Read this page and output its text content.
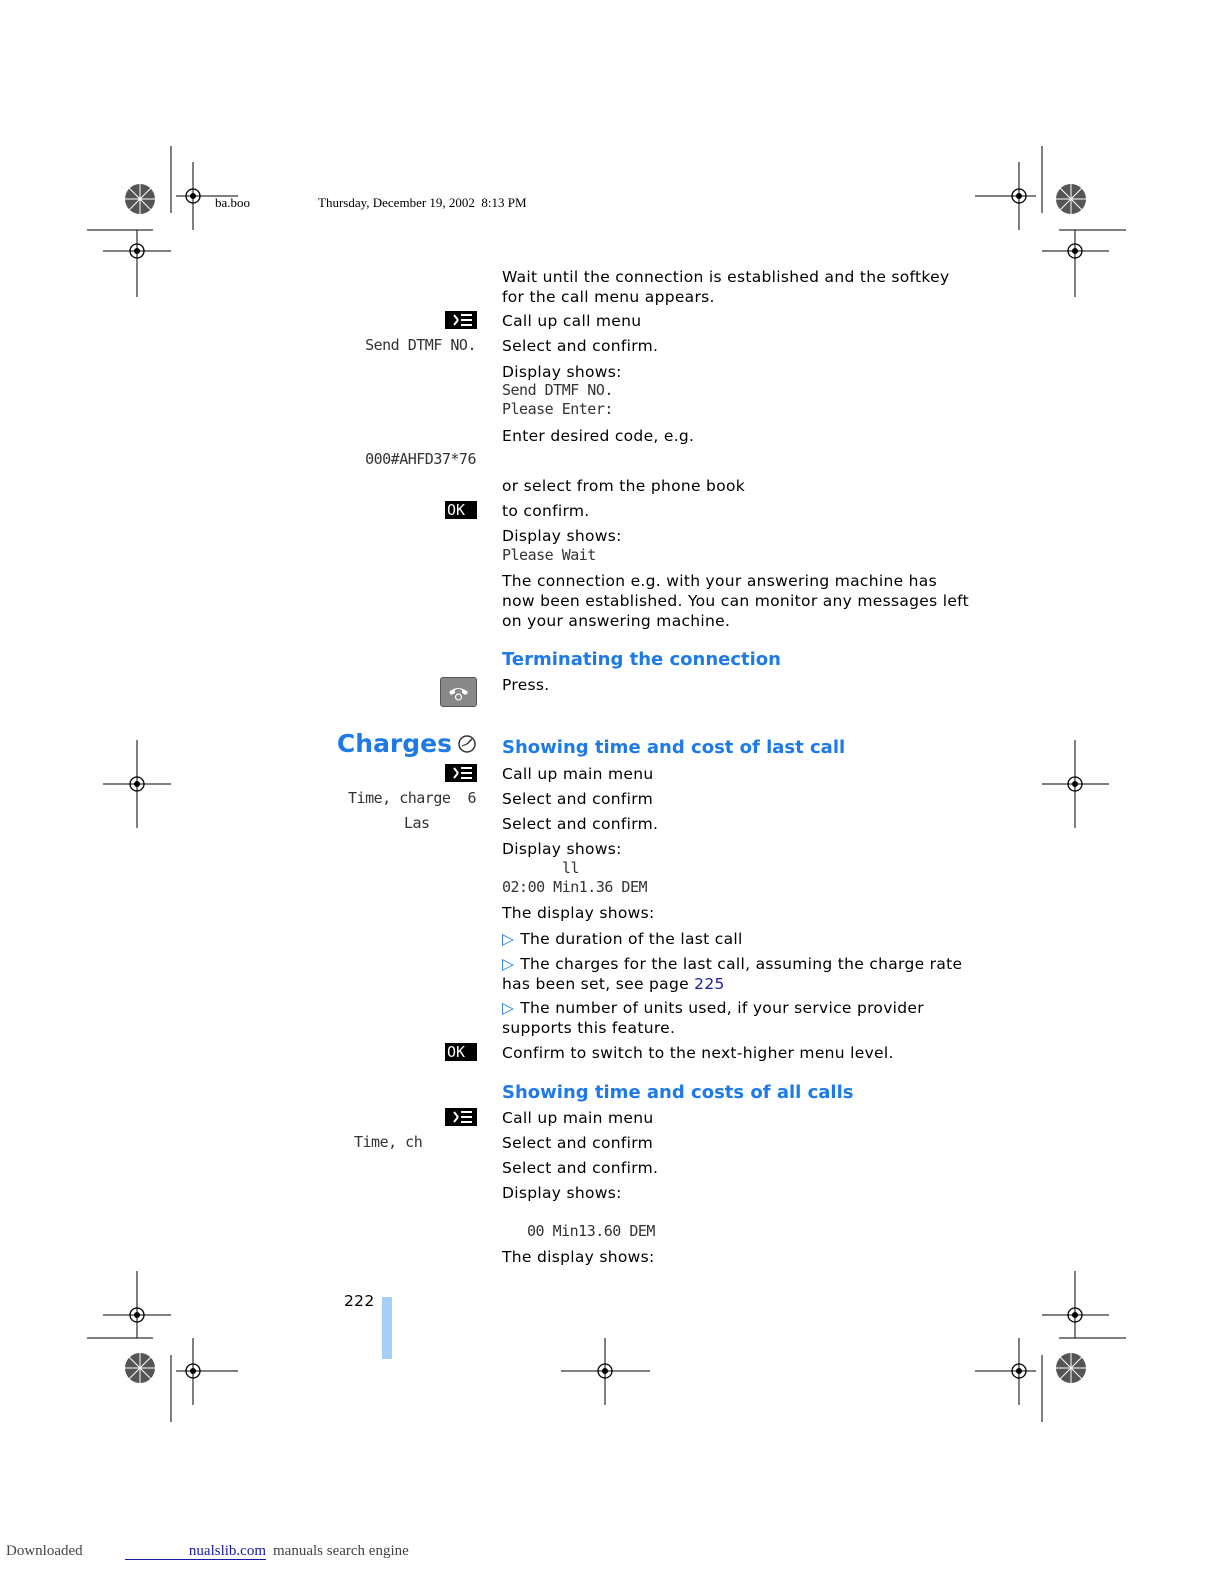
ba.boo	Thursday, December 19, 2002  8:13 PM
Wait until the connection is established and the softkey for the call menu appears.
Call up call menu
Send DTMF NO. Select and confirm.
Display shows:
Send DTMF NO.
Please Enter:
Enter desired code, e.g.
000#AHFD37*76
or select from the phone book
OK	to confirm.
Display shows:
Please Wait
The connection e.g. with your answering machine has now been established. You can monitor any messages left on your answering machine.
Terminating the connection
Press.
Charges	Showing time and cost of last call
Call up main menu
Time, charge  6 Select and confirm
Las	Select and confirm.
Display shows:
ll
02:00 Min1.36 DEM
The display shows:
▷ The duration of the last call
▷ The charges for the last call, assuming the charge rate has been set, see page 225
▷ The number of units used, if your service provider supports this feature.
OK	Confirm to switch to the next-higher menu level.
Showing time and costs of all calls
Call up main menu
Time, ch	Select and confirm
Select and confirm.
Display shows:
00 Min13.60 DEM
The display shows:
222
Downloaded	nualslib.com manuals search engine
